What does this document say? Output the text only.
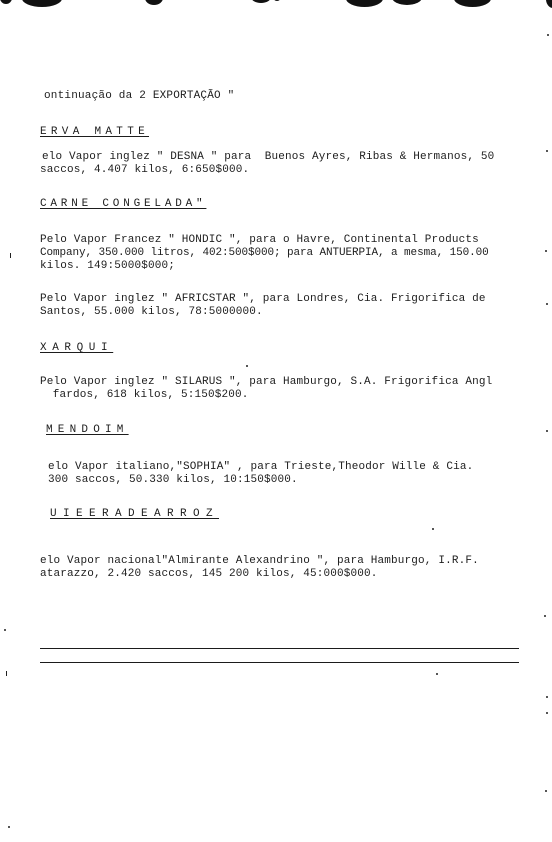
ontinuação da 2 EXPORTAÇÃO "
ERVA MATTE
elo Vapor inglez " DESNA " para  Buenos Ayres, Ribas & Hermanos, 50
saccos, 4.407 kilos, 6:650$000.
CARNE CONGELADA"
Pelo Vapor Francez " HONDIC ", para o Havre, Continental Products
Company, 350.000 litros, 402:500$000; para ANTUERPIA, a mesma, 150.00
kilos. 149:5000$000;
Pelo Vapor inglez " AFRICSTAR ", para Londres, Cia. Frigorifica de
Santos, 55.000 kilos, 78:5000000.
XARQUI
Pelo Vapor inglez " SILARUS ", para Hamburgo, S.A. Frigorifica Angl
fardos, 618 kilos, 5:150$200.
MENDOIM
elo Vapor italiano,"SOPHIA" , para Trieste,Theodor Wille & Cia.
300 saccos, 50.330 kilos, 10:150$000.
UIEERADEARROZ
elo Vapor nacional"Almirante Alexandrino ", para Hamburgo, I.R.F.
atarazzo, 2.420 saccos, 145 200 kilos, 45:000$000.
